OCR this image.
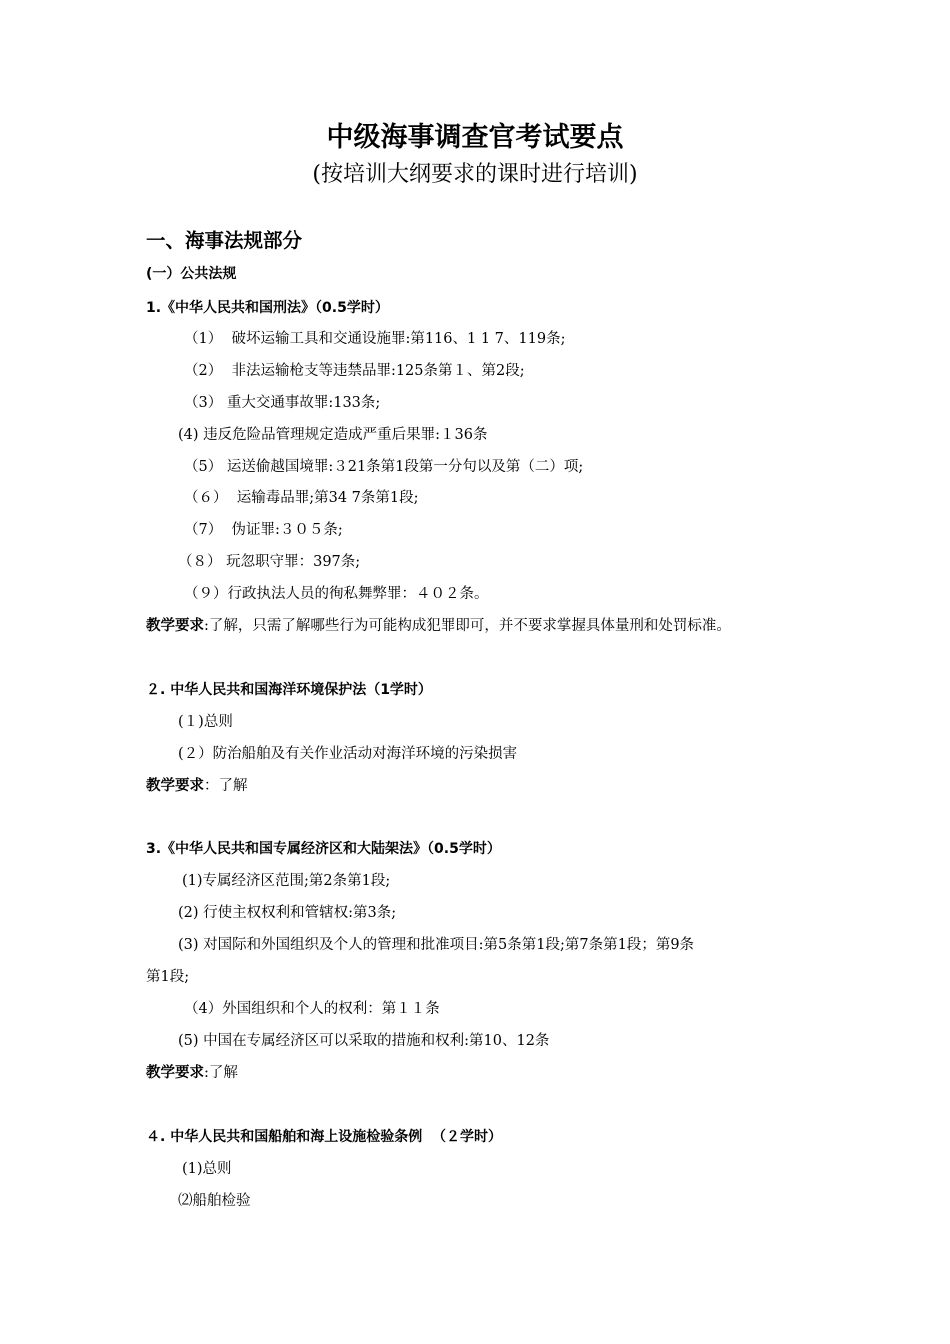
中级海事调查官考试要点
(按培训大纲要求的课时进行培训)
一、海事法规部分
(一）公共法规
1.《中华人民共和国刑法》（0.5学时）
（1）  破坏运输工具和交通设施罪:第116、1 1 7、119条;
（2）  非法运输枪支等违禁品罪:125条第１、第2段;
（3） 重大交通事故罪:133条;
(4) 违反危险品管理规定造成严重后果罪:１36条
（5） 运送偷越国境罪:３21条第1段第一分句以及第（二）项;
（６）  运输毒品罪;第34 7条第1段;
（7）  伪证罪:３０５条;
（８） 玩忽职守罪：397条;
（９）行政执法人员的徇私舞弊罪：４０２条。
教学要求:了解，只需了解哪些行为可能构成犯罪即可，并不要求掌握具体量刑和处罚标准。
２. 中华人民共和国海洋环境保护法（1学时）
(１)总则
(２）防治船舶及有关作业活动对海洋环境的污染损害
教学要求：了解
3.《中华人民共和国专属经济区和大陆架法》（0.5学时）
(1)专属经济区范围;第2条第1段;
(2) 行使主权权利和管辖权:第3条;
(3) 对国际和外国组织及个人的管理和批准项目:第5条第1段;第7条第1段；第9条
第1段;
（4）外国组织和个人的权利：第１１条
(5) 中国在专属经济区可以采取的措施和权利:第10、12条
教学要求:了解
４. 中华人民共和国船舶和海上设施检验条例  （２学时）
(1)总则
⑵船舶检验
